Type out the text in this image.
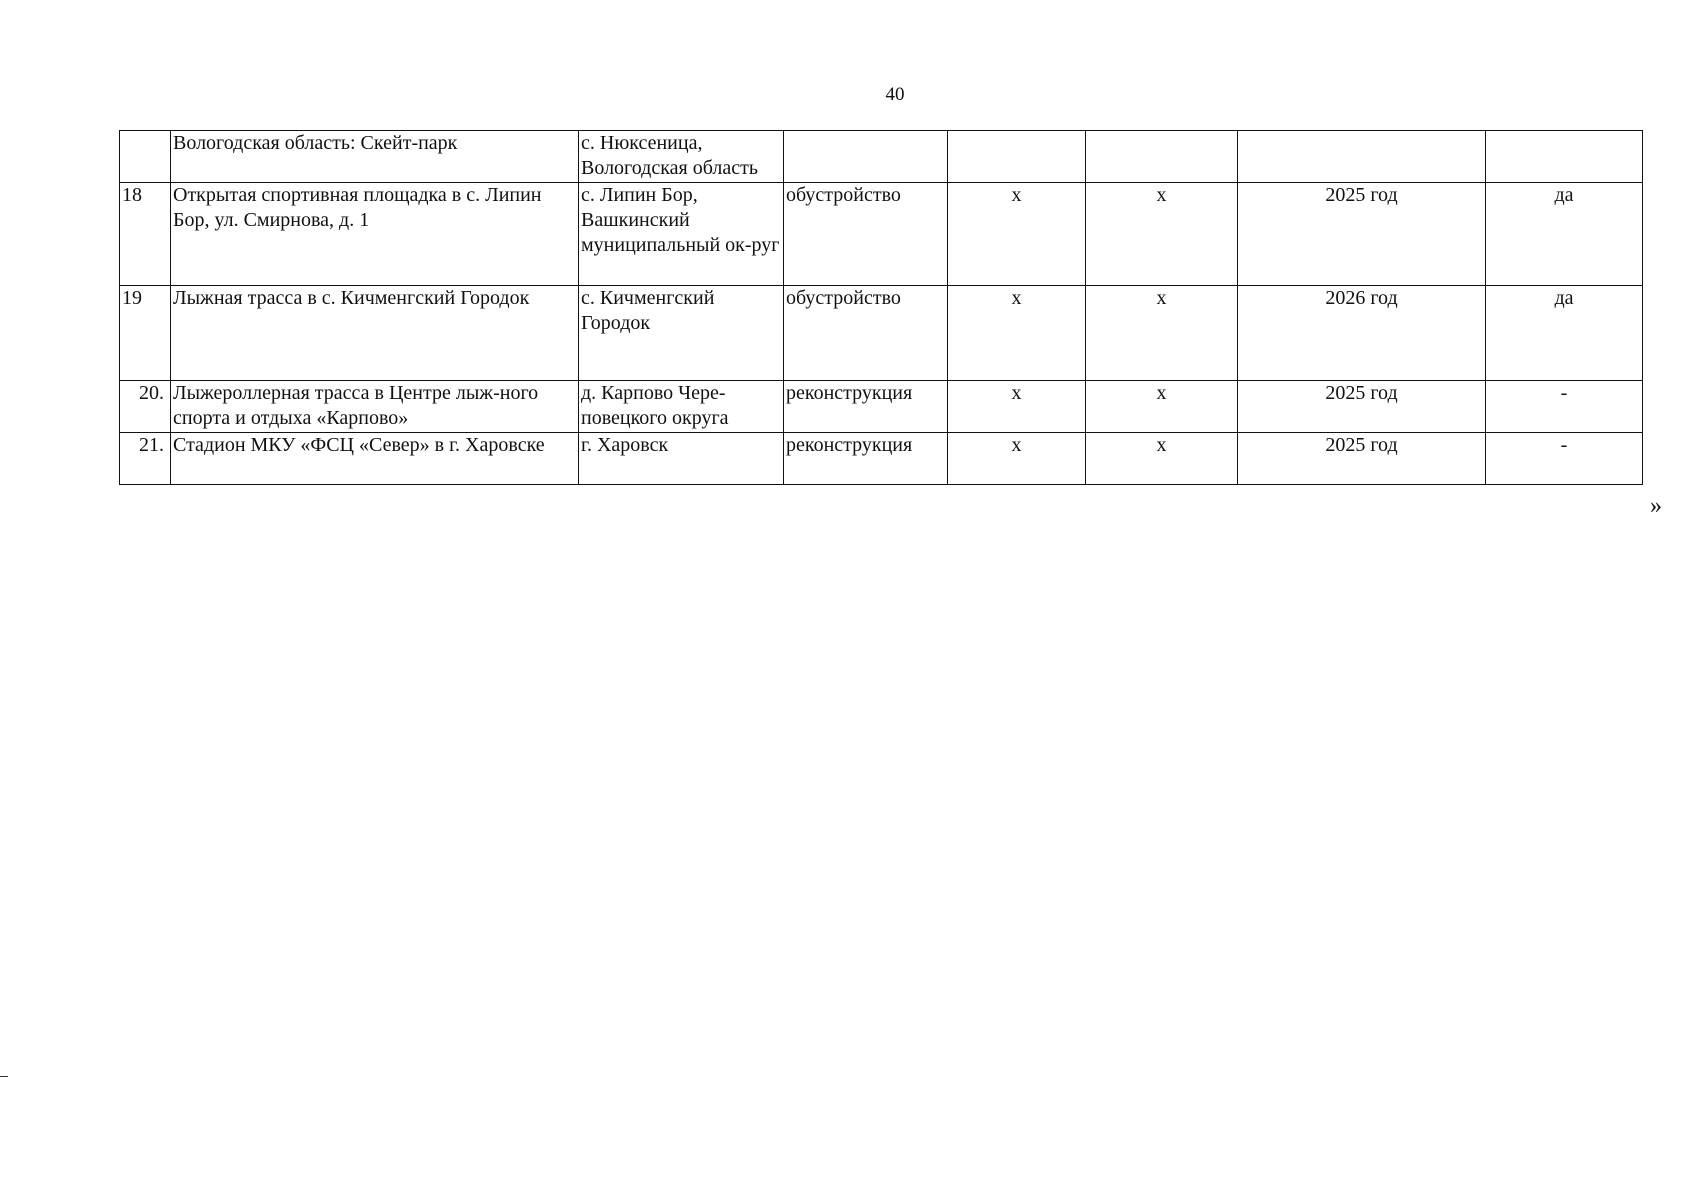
40
	Вологодская область: Скейт-парк	с. Нюксеница, Вологодская область					
18	Открытая спортивная площадка в с. Липин Бор, ул. Смирнова, д. 1	с. Липин Бор, Вашкинский муниципальный ок-руг	обустройство	х	х	2025 год	да
19	Лыжная трасса в с. Кичменгский Городок	с. Кичменгский Городок	обустройство	х	х	2026 год	да
20.	Лыжероллерная трасса в Центре лыж-ного спорта и отдыха «Карпово»	д. Карпово Чере-повецкого округа	реконструкция	х	х	2025 год	-
21.	Стадион МКУ «ФСЦ «Север» в г. Харовске	г. Харовск	реконструкция	х	х	2025 год	-
»
